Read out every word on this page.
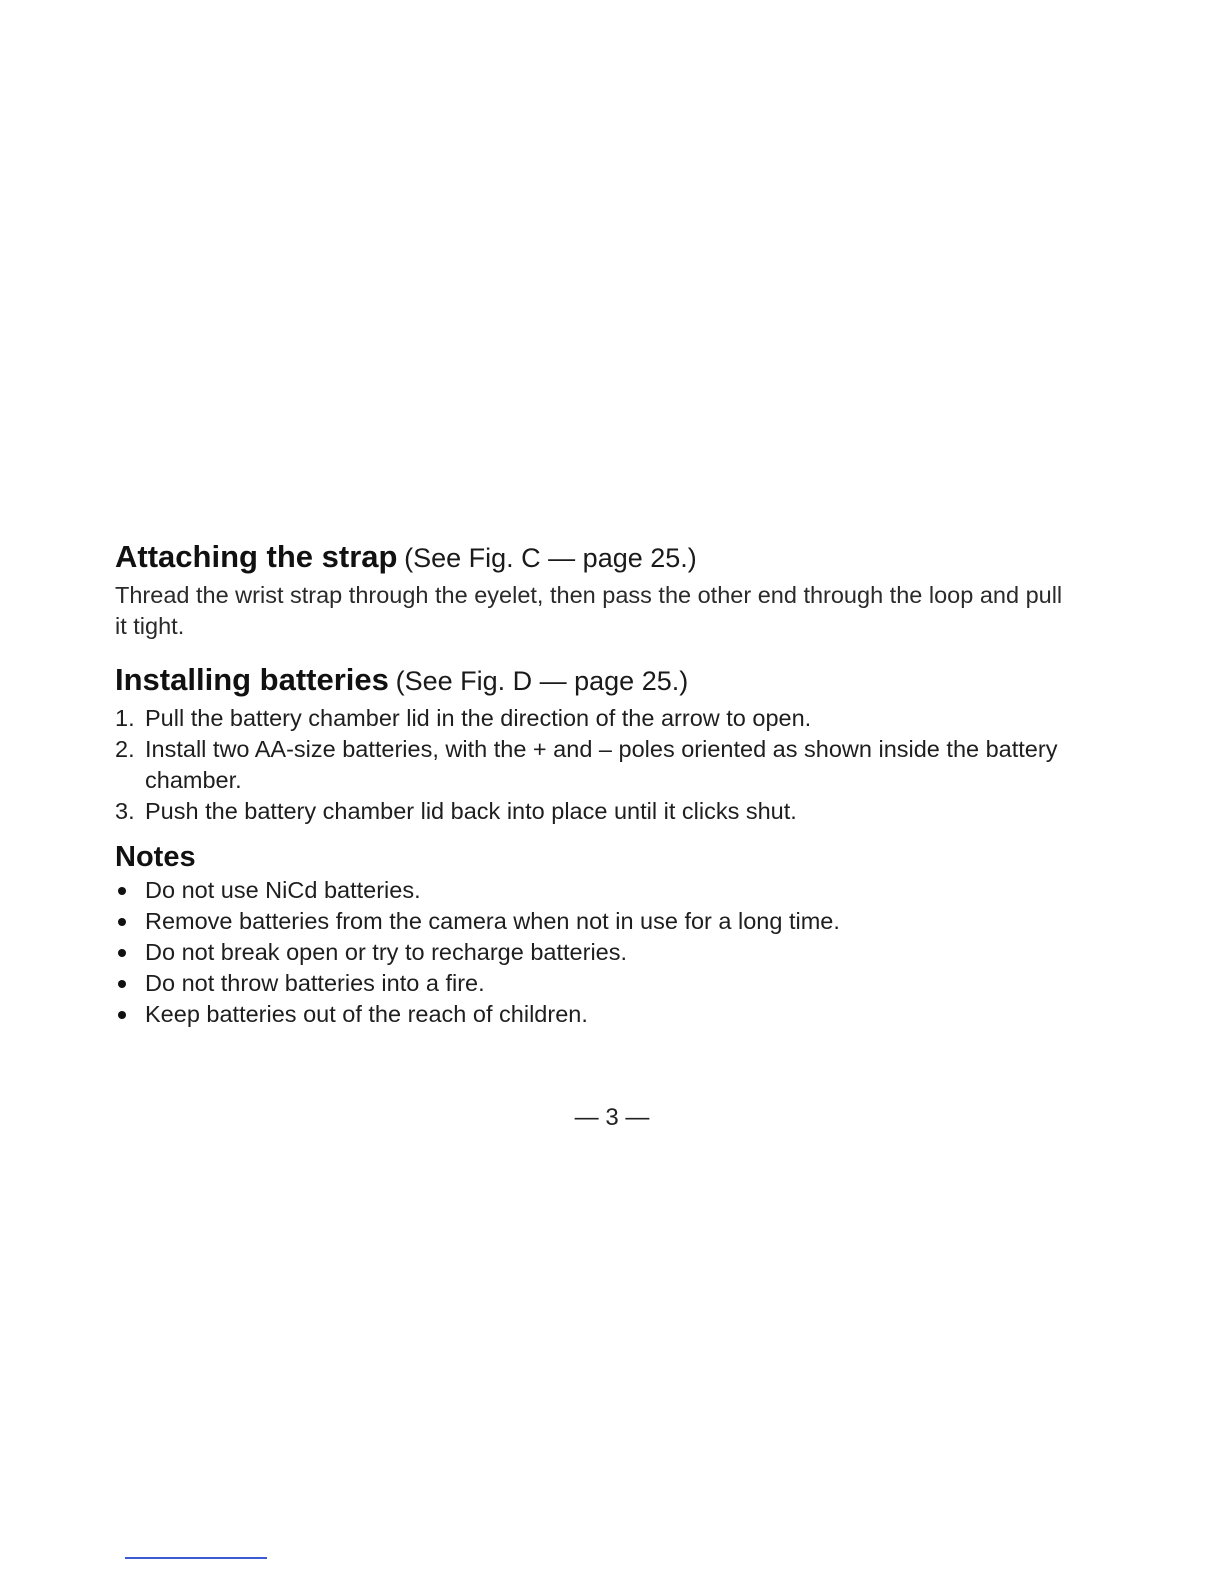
Attaching the strap (See Fig. C — page 25.)

Thread the wrist strap through the eyelet, then pass the other end through the loop and pull it tight.

Installing batteries (See Fig. D — page 25.)
1. Pull the battery chamber lid in the direction of the arrow to open.
2. Install two AA-size batteries, with the + and – poles oriented as shown inside the battery chamber.
3. Push the battery chamber lid back into place until it clicks shut.
Notes
Do not use NiCd batteries.
Remove batteries from the camera when not in use for a long time.
Do not break open or try to recharge batteries.
Do not throw batteries into a fire.
Keep batteries out of the reach of children.
— 3 —
